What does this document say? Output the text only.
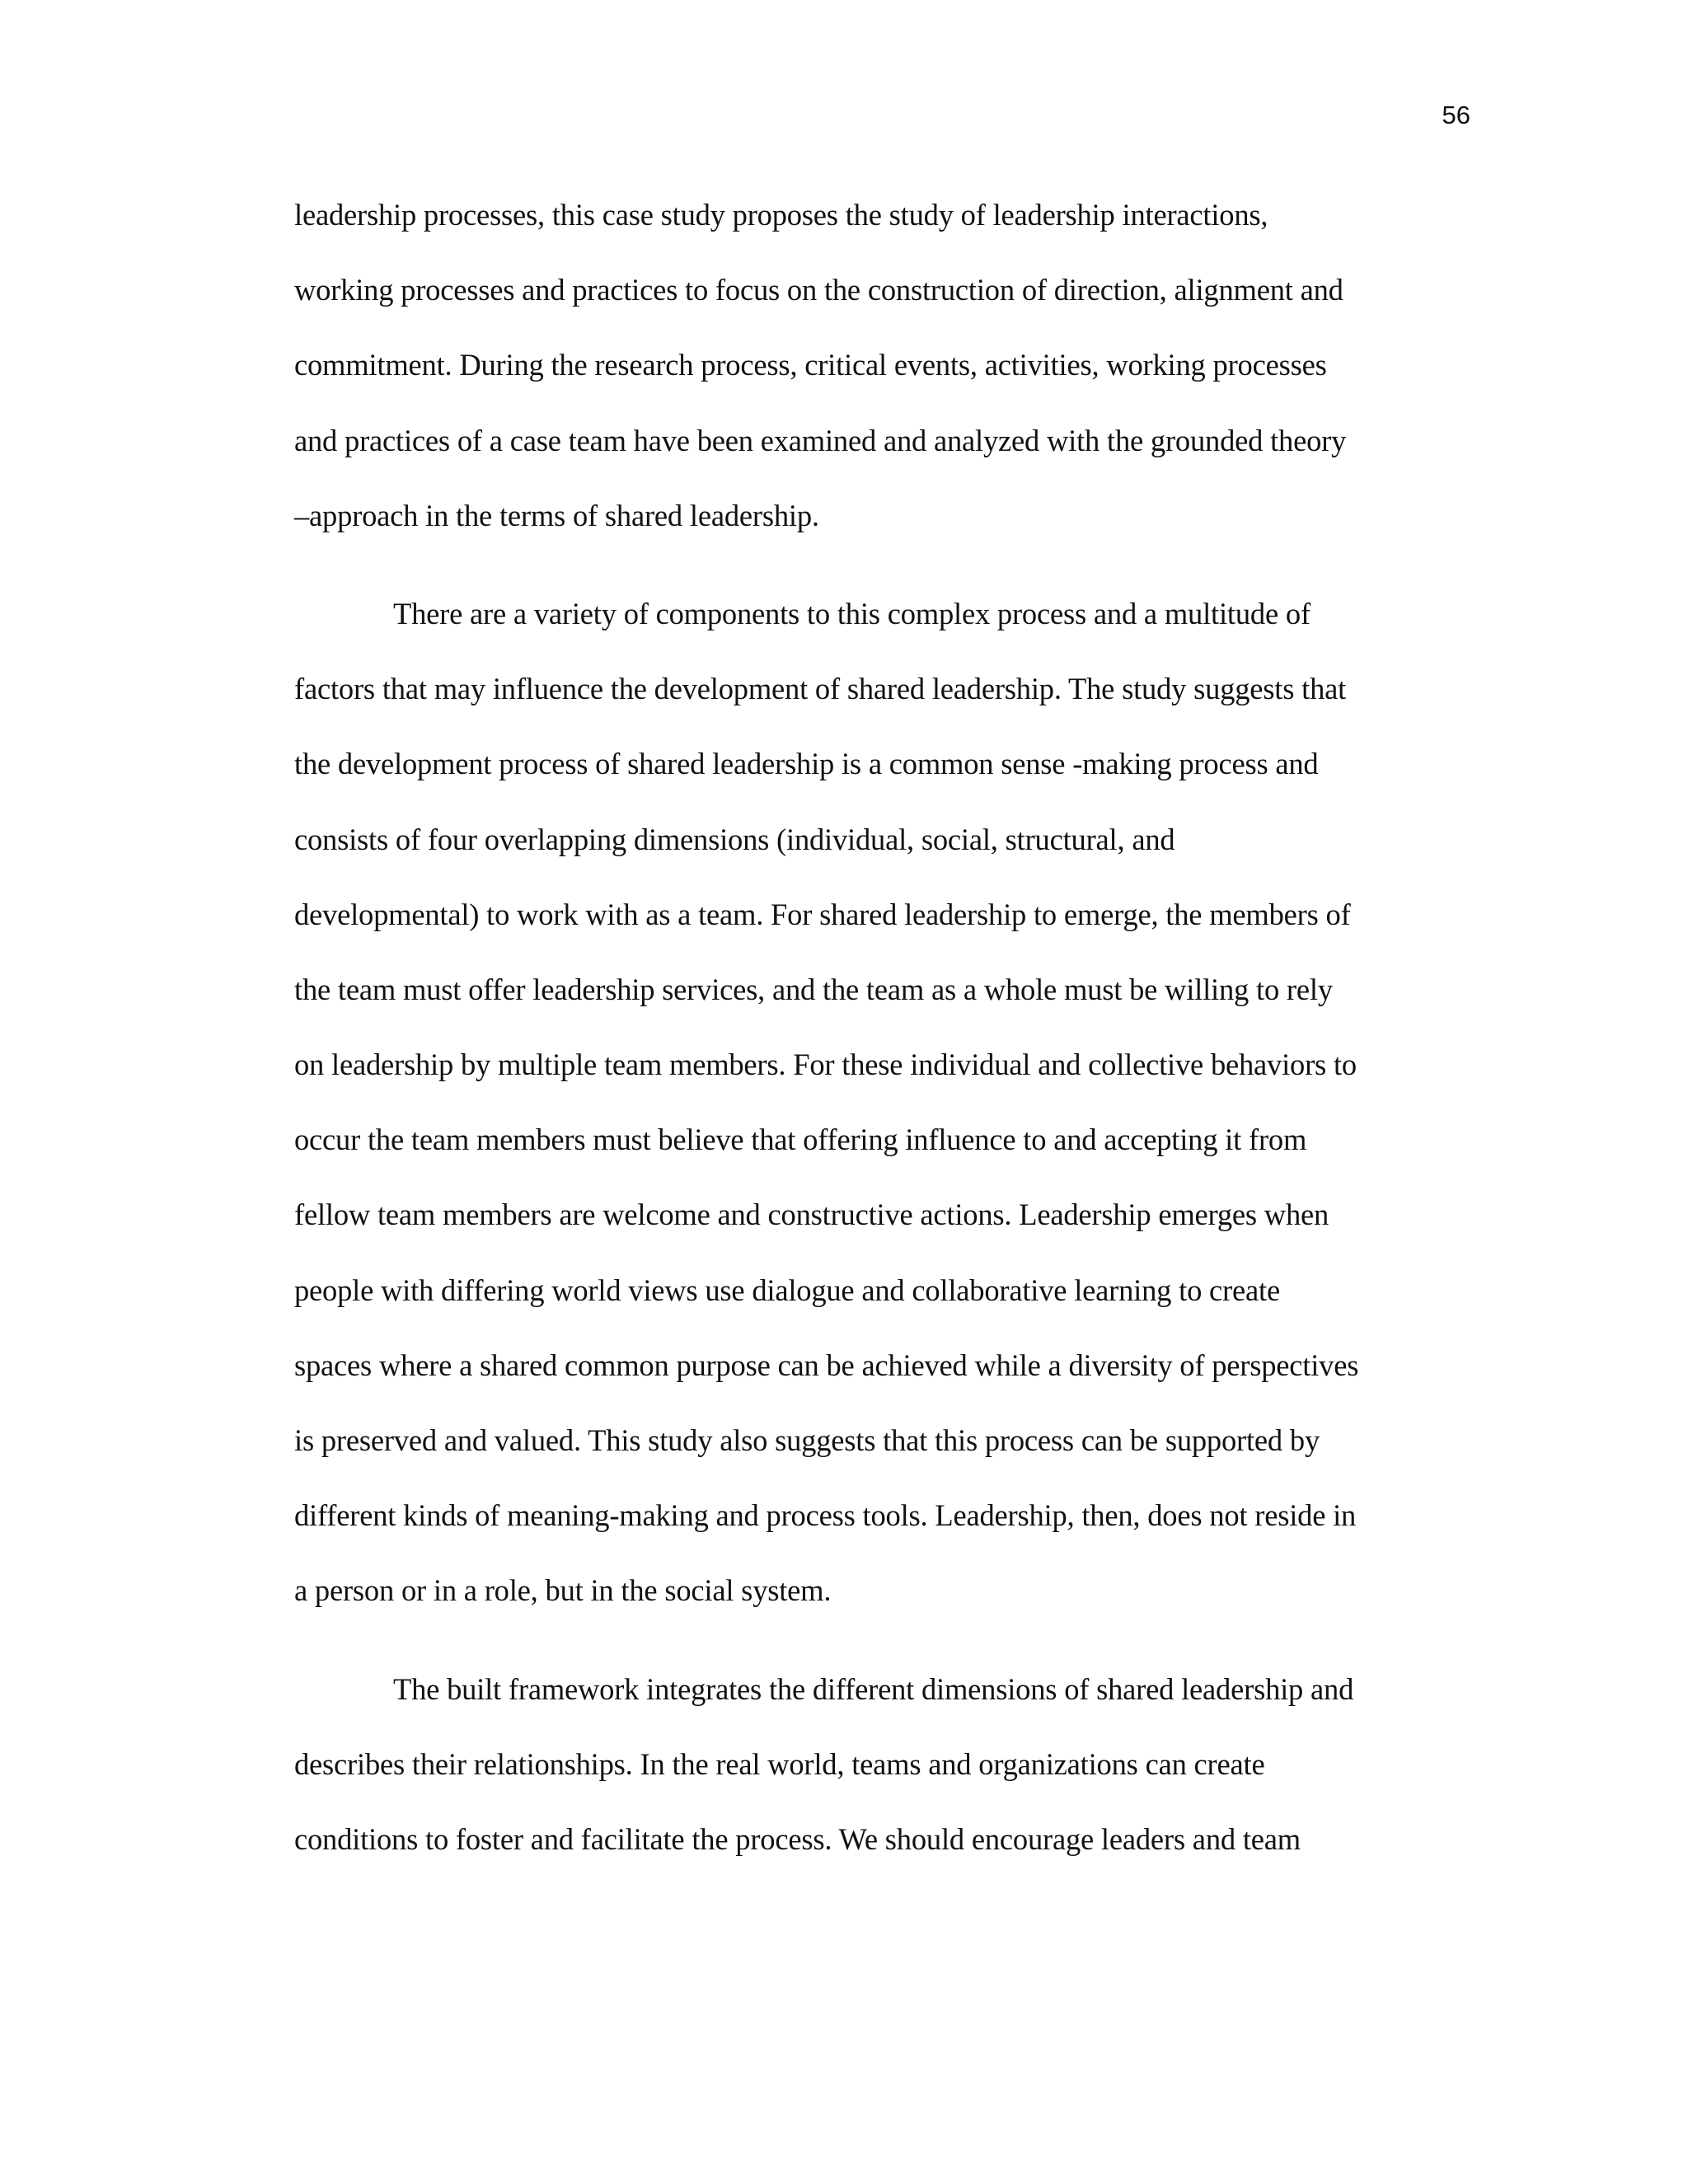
56
leadership processes, this case study proposes the study of leadership interactions,
working processes and practices to focus on the construction of direction, alignment and
commitment. During the research process, critical events, activities, working processes
and practices of a case team have been examined and analyzed with the grounded theory
–approach in the terms of shared leadership.
There are a variety of components to this complex process and a multitude of
factors that may influence the development of shared leadership. The study suggests that
the development process of shared leadership is a common sense -making process and
consists of four overlapping dimensions (individual, social, structural, and
developmental) to work with as a team. For shared leadership to emerge, the members of
the team must offer leadership services, and the team as a whole must be willing to rely
on leadership by multiple team members. For these individual and collective behaviors to
occur the team members must believe that offering influence to and accepting it from
fellow team members are welcome and constructive actions. Leadership emerges when
people with differing world views use dialogue and collaborative learning to create
spaces where a shared common purpose can be achieved while a diversity of perspectives
is preserved and valued. This study also suggests that this process can be supported by
different kinds of meaning-making and process tools. Leadership, then, does not reside in
a person or in a role, but in the social system.
The built framework integrates the different dimensions of shared leadership and
describes their relationships. In the real world, teams and organizations can create
conditions to foster and facilitate the process. We should encourage leaders and team
